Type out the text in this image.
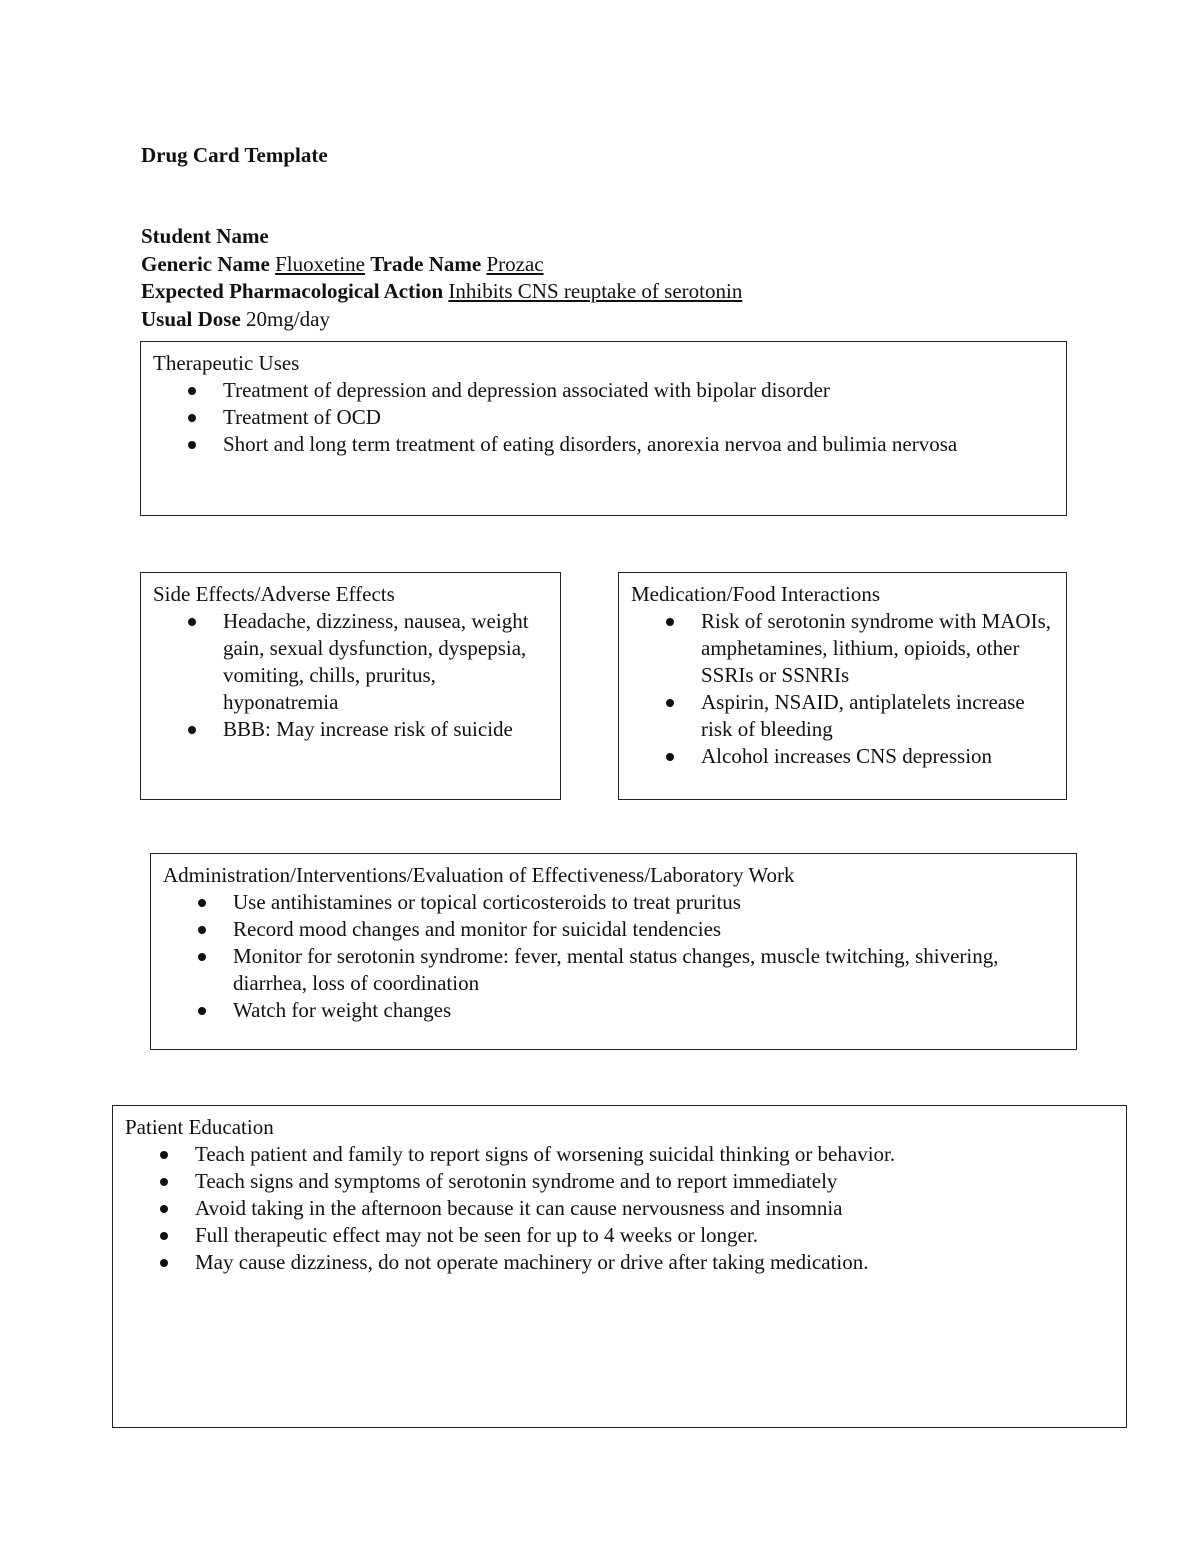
Drug Card Template
Student Name
Generic Name Fluoxetine Trade Name Prozac
Expected Pharmacological Action Inhibits CNS reuptake of serotonin
Usual Dose 20mg/day
Therapeutic Uses
Treatment of depression and depression associated with bipolar disorder
Treatment of OCD
Short and long term treatment of eating disorders, anorexia nervoa and bulimia nervosa
Side Effects/Adverse Effects
Headache, dizziness, nausea, weight gain, sexual dysfunction, dyspepsia, vomiting, chills, pruritus, hyponatremia
BBB: May increase risk of suicide
Medication/Food Interactions
Risk of serotonin syndrome with MAOIs, amphetamines, lithium, opioids, other SSRIs or SSNRIs
Aspirin, NSAID, antiplatelets increase risk of bleeding
Alcohol increases CNS depression
Administration/Interventions/Evaluation of Effectiveness/Laboratory Work
Use antihistamines or topical corticosteroids to treat pruritus
Record mood changes and monitor for suicidal tendencies
Monitor for serotonin syndrome: fever, mental status changes, muscle twitching, shivering, diarrhea, loss of coordination
Watch for weight changes
Patient Education
Teach patient and family to report signs of worsening suicidal thinking or behavior.
Teach signs and symptoms of serotonin syndrome and to report immediately
Avoid taking in the afternoon because it can cause nervousness and insomnia
Full therapeutic effect may not be seen for up to 4 weeks or longer.
May cause dizziness, do not operate machinery or drive after taking medication.
